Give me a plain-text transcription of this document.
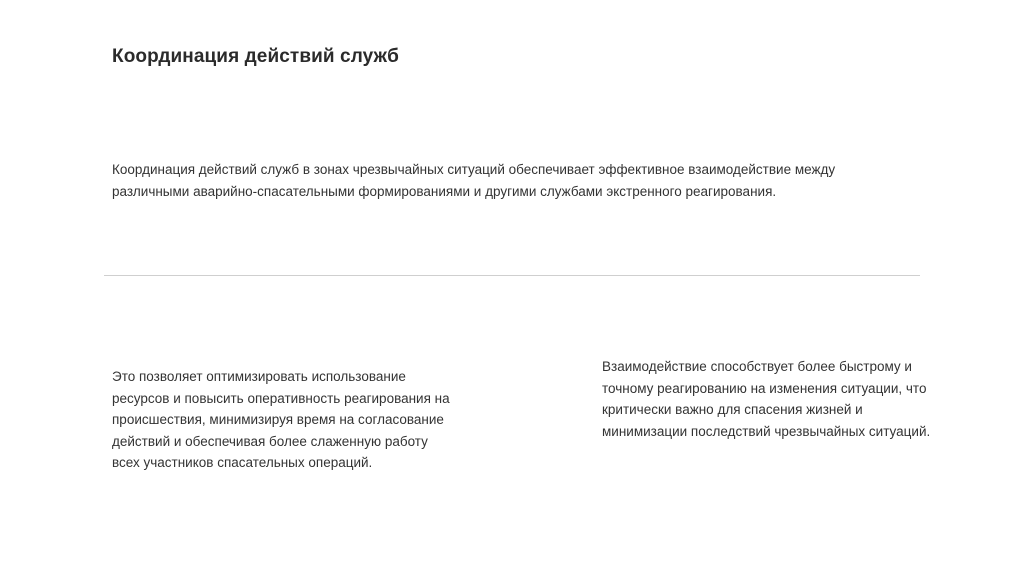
Координация действий служб
Координация действий служб в зонах чрезвычайных ситуаций обеспечивает эффективное взаимодействие между различными аварийно-спасательными формированиями и другими службами экстренного реагирования.
Это позволяет оптимизировать использование ресурсов и повысить оперативность реагирования на происшествия, минимизируя время на согласование действий и обеспечивая более слаженную работу всех участников спасательных операций.
Взаимодействие способствует более быстрому и точному реагированию на изменения ситуации, что критически важно для спасения жизней и минимизации последствий чрезвычайных ситуаций.
